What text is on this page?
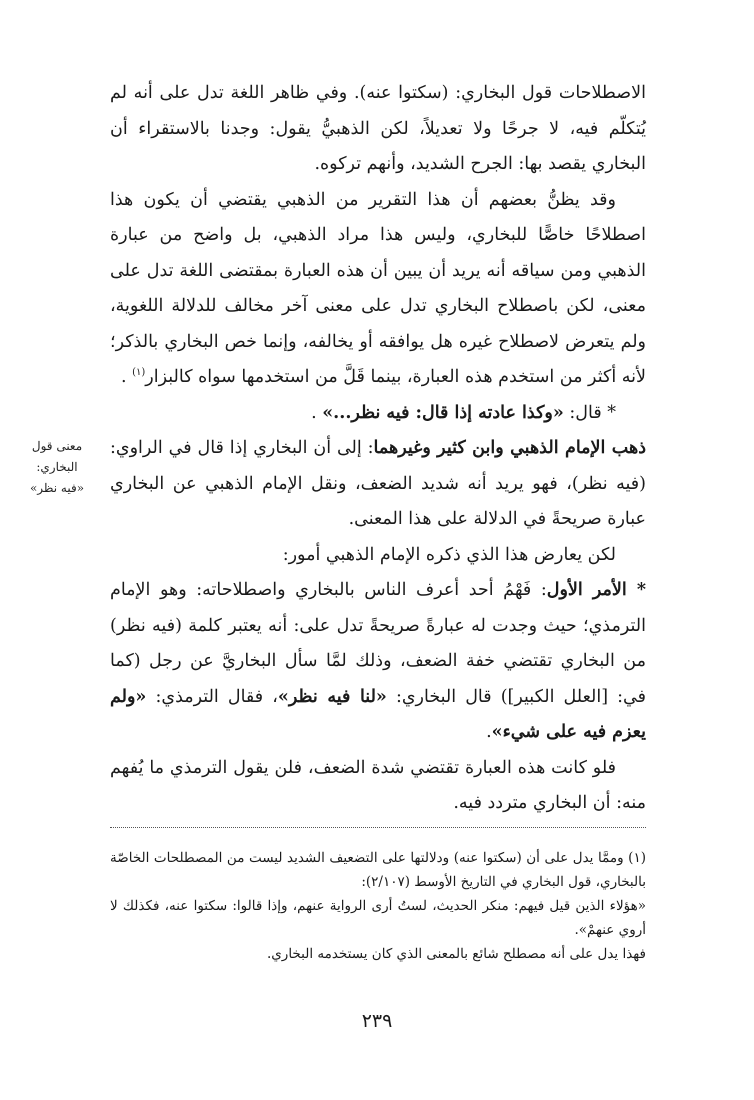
الاصطلاحات قول البخاري: (سكتوا عنه). وفي ظاهر اللغة تدل على أنه لم يُتكلّم فيه، لا جرحًا ولا تعديلاً، لكن الذهبيُّ يقول: وجدنا بالاستقراء أن البخاري يقصد بها: الجرح الشديد، وأنهم تركوه.

وقد يظنُّ بعضهم أن هذا التقرير من الذهبي يقتضي أن يكون هذا اصطلاحًا خاصًّا للبخاري، وليس هذا مراد الذهبي، بل واضح من عبارة الذهبي ومن سياقه أنه يريد أن يبين أن هذه العبارة بمقتضى اللغة تدل على معنى، لكن باصطلاح البخاري تدل على معنى آخر مخالف للدلالة اللغوية، ولم يتعرض لاصطلاح غيره هل يوافقه أو يخالفه، وإنما خص البخاري بالذكر؛ لأنه أكثر من استخدم هذه العبارة، بينما قَلَّ من استخدمها سواه كالبزار$^{(١)}$ .

* قال: «وكذا عادته إذا قال: فيه نظر...» .

ذهب الإمام الذهبي وابن كثير وغيرهما: إلى أن البخاري إذا قال في الراوي: (فيه نظر)، فهو يريد أنه شديد الضعف، ونقل الإمام الذهبي عن البخاري عبارة صريحةً في الدلالة على هذا المعنى.

لكن يعارض هذا الذي ذكره الإمام الذهبي أمور:

* الأمر الأول: فَهْمُ أحد أعرف الناس بالبخاري واصطلاحاته: وهو الإمام الترمذي؛ حيث وجدت له عبارةً صريحةً تدل على: أنه يعتبر كلمة (فيه نظر) من البخاري تقتضي خفة الضعف، وذلك لمَّا سأل البخاريَّ عن رجل (كما في: [العلل الكبير]) قال البخاري: «لنا فيه نظر»، فقال الترمذي: «ولم يعزم فيه على شيء».

فلو كانت هذه العبارة تقتضي شدة الضعف، فلن يقول الترمذي ما يُفهم منه: أن البخاري متردد فيه.

معنى قول
البخاري:
«فيه نظر»

(١) وممَّا يدل على أن (سكتوا عنه) ودلالتها على التضعيف الشديد ليست من المصطلحات الخاصّة بالبخاري، قول البخاري في التاريخ الأوسط (٢/١٠٧):

«هؤلاء الذين قيل فيهم: منكر الحديث، لستُ أرى الرواية عنهم، وإذا قالوا: سكتوا عنه، فكذلك لا أروي عنهمْ».

فهذا يدل على أنه مصطلح شائع بالمعنى الذي كان يستخدمه البخاري.

٢٣٩
